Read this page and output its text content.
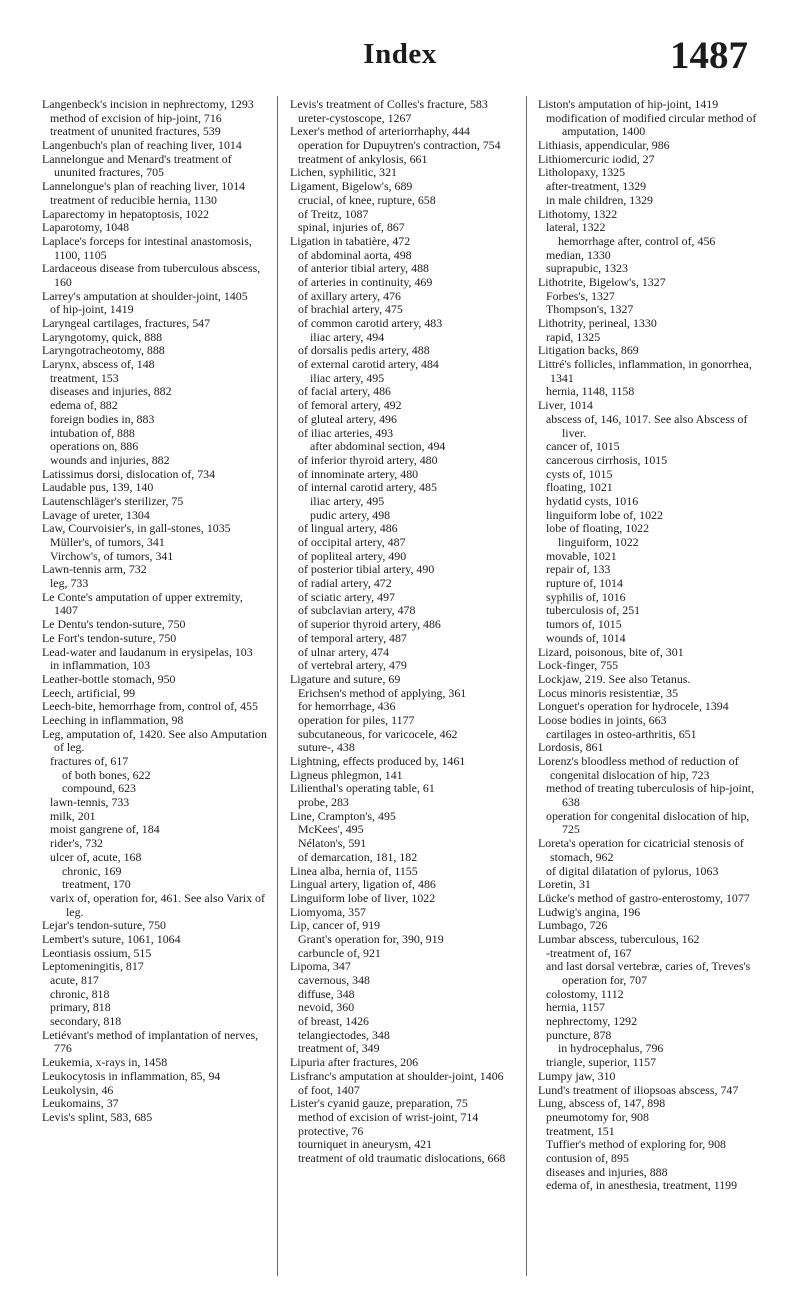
Index	1487
Langenbeck's incision in nephrectomy, 1293
method of excision of hip-joint, 716
treatment of ununited fractures, 539
Langenbuch's plan of reaching liver, 1014
Lannelongue and Menard's treatment of ununited fractures, 705
Lannelongue's plan of reaching liver, 1014
treatment of reducible hernia, 1130
Laparectomy in hepatoptosis, 1022
Laparotomy, 1048
Laplace's forceps for intestinal anastomosis, 1100, 1105
Lardaceous disease from tuberculous abscess, 160
Larrey's amputation at shoulder-joint, 1405
of hip-joint, 1419
Laryngeal cartilages, fractures, 547
Laryngotomy, quick, 888
Laryngotracheotomy, 888
Larynx, abscess of, 148
treatment, 153
diseases and injuries, 882
edema of, 882
foreign bodies in, 883
intubation of, 888
operations on, 886
wounds and injuries, 882
Latissimus dorsi, dislocation of, 734
Laudable pus, 139, 140
Lautenschläger's sterilizer, 75
Lavage of ureter, 1304
Law, Courvoisier's, in gall-stones, 1035
Müller's, of tumors, 341
Virchow's, of tumors, 341
Lawn-tennis arm, 732
leg, 733
Le Conte's amputation of upper extremity, 1407
Le Dentu's tendon-suture, 750
Le Fort's tendon-suture, 750
Lead-water and laudanum in erysipelas, 103
in inflammation, 103
Leather-bottle stomach, 950
Leech, artificial, 99
Leech-bite, hemorrhage from, control of, 455
Leeching in inflammation, 98
Leg, amputation of, 1420. See also Amputation of leg.
fractures of, 617
of both bones, 622
compound, 623
lawn-tennis, 733
milk, 201
moist gangrene of, 184
rider's, 732
ulcer of, acute, 168
chronic, 169
treatment, 170
varix of, operation for, 461. See also Varix of leg.
Lejar's tendon-suture, 750
Lembert's suture, 1061, 1064
Leontiasis ossium, 515
Leptomeningitis, 817
acute, 817
chronic, 818
primary, 818
secondary, 818
Letiévant's method of implantation of nerves, 776
Leukemia, x-rays in, 1458
Leukocytosis in inflammation, 85, 94
Leukolysin, 46
Leukomains, 37
Levis's splint, 583, 685
Levis's treatment of Colles's fracture, 583
ureter-cystoscope, 1267
Lexer's method of arteriorrhaphy, 444
operation for Dupuytren's contraction, 754
treatment of ankylosis, 661
Lichen, syphilitic, 321
Ligament, Bigelow's, 689
crucial, of knee, rupture, 658
of Treitz, 1087
spinal, injuries of, 867
Ligation in tabatière, 472
of abdominal aorta, 498
of anterior tibial artery, 488
of arteries in continuity, 469
of axillary artery, 476
of brachial artery, 475
of common carotid artery, 483
iliac artery, 494
of dorsalis pedis artery, 488
of external carotid artery, 484
iliac artery, 495
of facial artery, 486
of femoral artery, 492
of gluteal artery, 496
of iliac arteries, 493
after abdominal section, 494
of inferior thyroid artery, 480
of innominate artery, 480
of internal carotid artery, 485
iliac artery, 495
pudic artery, 498
of lingual artery, 486
of occipital artery, 487
of popliteal artery, 490
of posterior tibial artery, 490
of radial artery, 472
of sciatic artery, 497
of subclavian artery, 478
of superior thyroid artery, 486
of temporal artery, 487
of ulnar artery, 474
of vertebral artery, 479
Ligature and suture, 69
Erichsen's method of applying, 361
for hemorrhage, 436
operation for piles, 1177
subcutaneous, for varicocele, 462
suture-, 438
Lightning, effects produced by, 1461
Ligneus phlegmon, 141
Lilienthal's operating table, 61
probe, 283
Line, Crampton's, 495
McKees', 495
Nélaton's, 591
of demarcation, 181, 182
Linea alba, hernia of, 1155
Lingual artery, ligation of, 486
Linguiform lobe of liver, 1022
Liomyoma, 357
Lip, cancer of, 919
Grant's operation for, 390, 919
carbuncle of, 921
Lipoma, 347
cavernous, 348
diffuse, 348
nevoid, 360
of breast, 1426
telangiectodes, 348
treatment of, 349
Lipuria after fractures, 206
Lisfranc's amputation at shoulder-joint, 1406
of foot, 1407
Lister's cyanid gauze, preparation, 75
method of excision of wrist-joint, 714
protective, 76
tourniquet in aneurysm, 421
treatment of old traumatic dislocations, 668
Liston's amputation of hip-joint, 1419
modification of modified circular method of amputation, 1400
Lithiasis, appendicular, 986
Lithiomercuric iodid, 27
Litholopaxy, 1325
after-treatment, 1329
in male children, 1329
Lithotomy, 1322
lateral, 1322
hemorrhage after, control of, 456
median, 1330
suprapubic, 1323
Lithotrite, Bigelow's, 1327
Forbes's, 1327
Thompson's, 1327
Lithotrity, perineal, 1330
rapid, 1325
Litigation backs, 869
Littré's follicles, inflammation, in gonorrhea, 1341
hernia, 1148, 1158
Liver, 1014
abscess of, 146, 1017. See also Abscess of liver.
cancer of, 1015
cancerous cirrhosis, 1015
cysts of, 1015
floating, 1021
hydatid cysts, 1016
linguiform lobe of, 1022
lobe of floating, 1022
linguiform, 1022
movable, 1021
repair of, 133
rupture of, 1014
syphilis of, 1016
tuberculosis of, 251
tumors of, 1015
wounds of, 1014
Lizard, poisonous, bite of, 301
Lock-finger, 755
Lockjaw, 219. See also Tetanus.
Locus minoris resistentiæ, 35
Longuet's operation for hydrocele, 1394
Loose bodies in joints, 663
cartilages in osteo-arthritis, 651
Lordosis, 861
Lorenz's bloodless method of reduction of congenital dislocation of hip, 723
method of treating tuberculosis of hip-joint, 638
operation for congenital dislocation of hip, 725
Loreta's operation for cicatricial stenosis of stomach, 962
of digital dilatation of pylorus, 1063
Loretin, 31
Lücke's method of gastro-enterostomy, 1077
Ludwig's angina, 196
Lumbago, 726
Lumbar abscess, tuberculous, 162
-treatment of, 167
and last dorsal vertebræ, caries of, Treves's operation for, 707
colostomy, 1112
hernia, 1157
nephrectomy, 1292
puncture, 878
in hydrocephalus, 796
triangle, superior, 1157
Lumpy jaw, 310
Lund's treatment of iliopsoas abscess, 747
Lung, abscess of, 147, 898
pneumotomy for, 908
treatment, 151
Tuffier's method of exploring for, 908
contusion of, 895
diseases and injuries, 888
edema of, in anesthesia, treatment, 1199
